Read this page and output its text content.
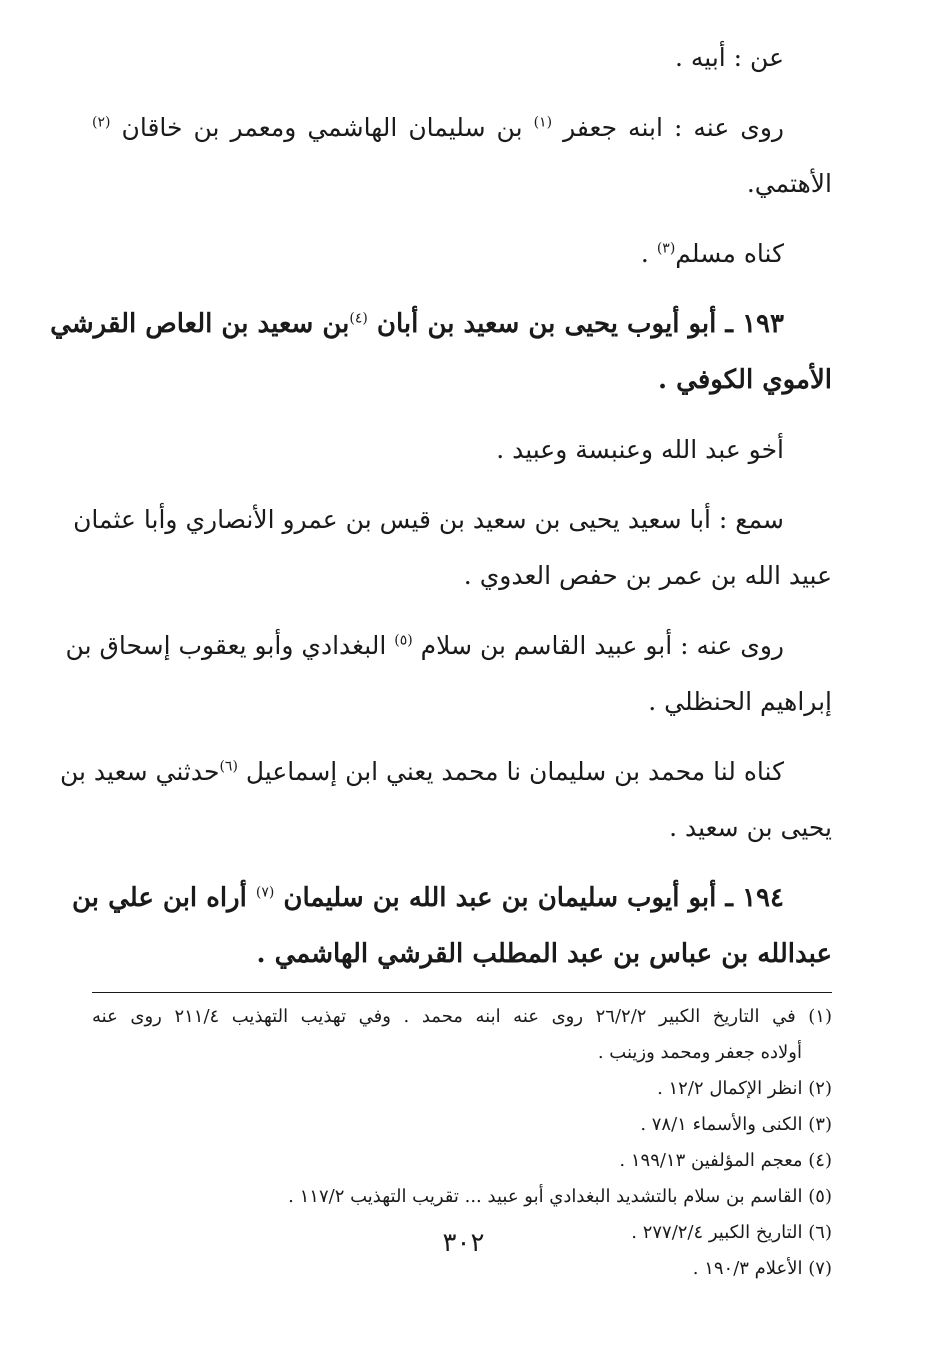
عن : أبيه .
روى عنه : ابنه جعفر $^{(١)}$ بن سليمان الهاشمي ومعمر بن خاقان $^{(٢)}$
الأهتمي.
كناه مسلم$^{(٣)}$ .
١٩٣ ـ أبو أيوب يحيى بن سعيد بن أبان $^{(٤)}$بن سعيد بن العاص القرشي
الأموي الكوفي .
أخو عبد الله وعنبسة وعبيد .
سمع : أبا سعيد يحيى بن سعيد بن قيس بن عمرو الأنصاري وأبا عثمان
عبيد الله بن عمر بن حفص العدوي .
روى عنه : أبو عبيد القاسم بن سلام $^{(٥)}$ البغدادي وأبو يعقوب إسحاق بن
إبراهيم الحنظلي .
كناه لنا محمد بن سليمان نا محمد يعني ابن إسماعيل $^{(٦)}$حدثني سعيد بن
يحيى بن سعيد .
١٩٤ ـ أبو أيوب سليمان بن عبد الله بن سليمان $^{(٧)}$ أراه ابن علي بن
عبدالله بن عباس بن عبد المطلب القرشي الهاشمي .
(١) في التاريخ الكبير ٢٦/٢/٢ روى عنه ابنه محمد . وفي تهذيب التهذيب ٢١١/٤ روى عنه
أولاده جعفر ومحمد وزينب .
(٢) انظر الإكمال ١٢/٢ .
(٣) الكنى والأسماء ٧٨/١ .
(٤) معجم المؤلفين ١٩٩/١٣ .
(٥) القاسم بن سلام بالتشديد البغدادي أبو عبيد ... تقريب التهذيب ١١٧/٢ .
(٦) التاريخ الكبير ٢٧٧/٢/٤ .
(٧) الأعلام ١٩٠/٣ .
٣٠٢
